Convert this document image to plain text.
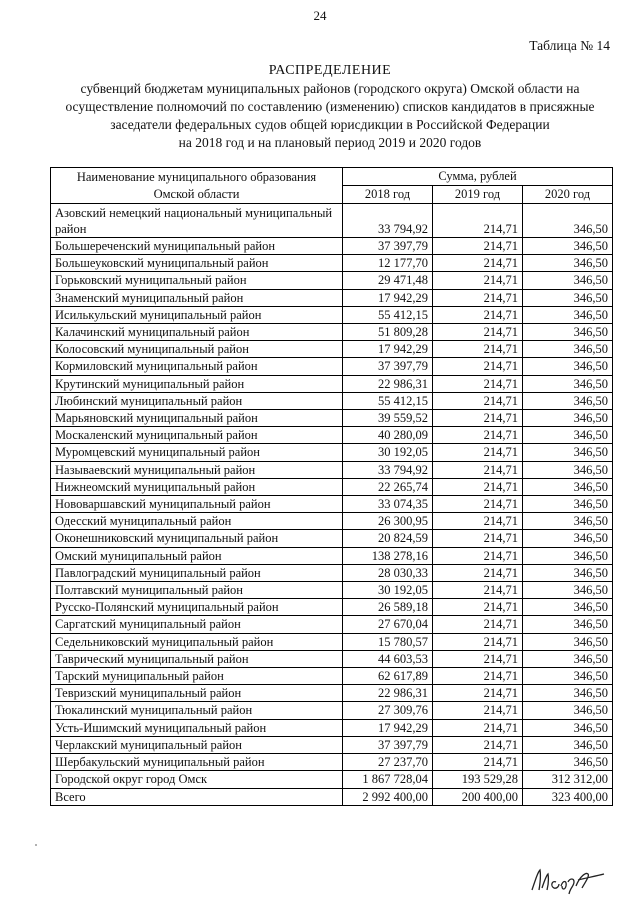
24
Таблица № 14
РАСПРЕДЕЛЕНИЕ
субвенций бюджетам муниципальных районов (городского округа) Омской области на
осуществление полномочий по составлению (изменению) списков кандидатов в присяжные
заседатели федеральных судов общей юрисдикции в Российской Федерации
на 2018 год и на плановый период 2019 и 2020 годов
Наименование муниципального образования Омской области	Сумма, рублей		
	2018 год	2019 год	2020 год
Азовский немецкий национальный муниципальный район	33 794,92	214,71	346,50
Большереченский муниципальный район	37 397,79	214,71	346,50
Большеуковский муниципальный район	12 177,70	214,71	346,50
Горьковский муниципальный район	29 471,48	214,71	346,50
Знаменский муниципальный район	17 942,29	214,71	346,50
Исилькульский муниципальный район	55 412,15	214,71	346,50
Калачинский муниципальный район	51 809,28	214,71	346,50
Колосовский муниципальный район	17 942,29	214,71	346,50
Кормиловский муниципальный район	37 397,79	214,71	346,50
Крутинский муниципальный район	22 986,31	214,71	346,50
Любинский муниципальный район	55 412,15	214,71	346,50
Марьяновский муниципальный район	39 559,52	214,71	346,50
Москаленский муниципальный район	40 280,09	214,71	346,50
Муромцевский муниципальный район	30 192,05	214,71	346,50
Называевский муниципальный район	33 794,92	214,71	346,50
Нижнеомский муниципальный район	22 265,74	214,71	346,50
Нововаршавский муниципальный район	33 074,35	214,71	346,50
Одесский муниципальный район	26 300,95	214,71	346,50
Оконешниковский муниципальный район	20 824,59	214,71	346,50
Омский муниципальный район	138 278,16	214,71	346,50
Павлоградский муниципальный район	28 030,33	214,71	346,50
Полтавский муниципальный район	30 192,05	214,71	346,50
Русско-Полянский муниципальный район	26 589,18	214,71	346,50
Саргатский муниципальный район	27 670,04	214,71	346,50
Седельниковский муниципальный район	15 780,57	214,71	346,50
Таврический муниципальный район	44 603,53	214,71	346,50
Тарский муниципальный район	62 617,89	214,71	346,50
Тевризский муниципальный район	22 986,31	214,71	346,50
Тюкалинский муниципальный район	27 309,76	214,71	346,50
Усть-Ишимский муниципальный район	17 942,29	214,71	346,50
Черлакский муниципальный район	37 397,79	214,71	346,50
Шербакульский муниципальный район	27 237,70	214,71	346,50
Городской округ город Омск	1 867 728,04	193 529,28	312 312,00
Всего	2 992 400,00	200 400,00	323 400,00
